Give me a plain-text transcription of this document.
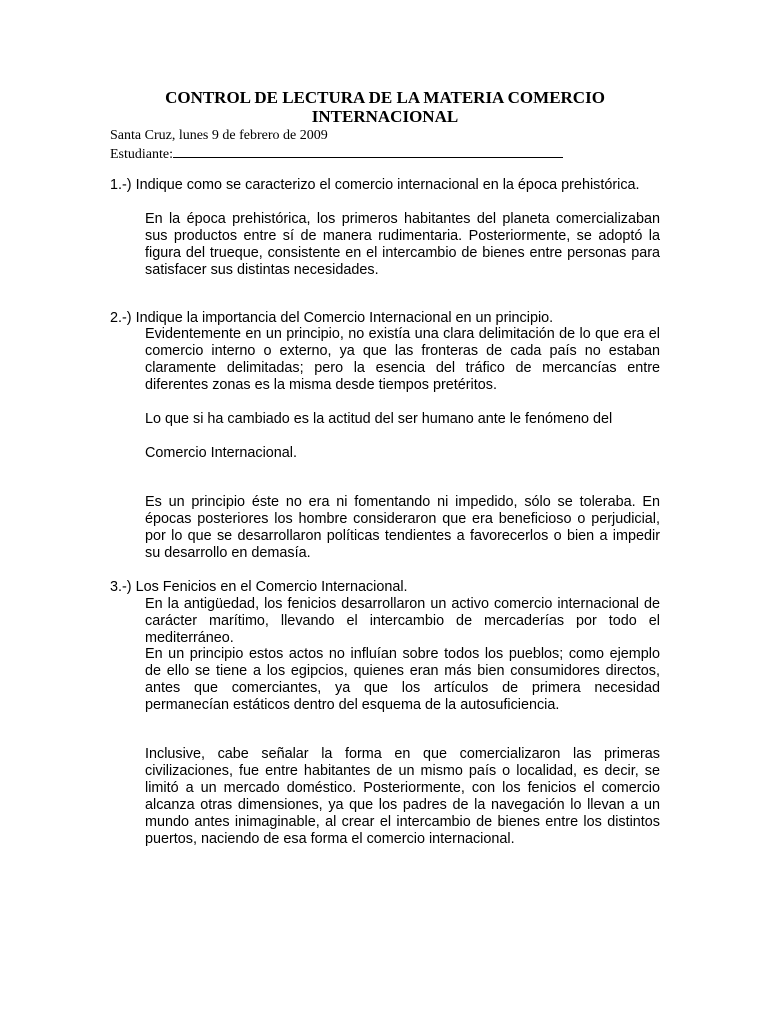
CONTROL DE LECTURA DE LA MATERIA COMERCIO
INTERNACIONAL
Santa Cruz, lunes 9 de febrero de 2009
Estudiante:
1.-) Indique como se caracterizo el comercio internacional en la época prehistórica.
En la época prehistórica, los primeros habitantes del planeta comercializaban sus productos entre sí de manera rudimentaria. Posteriormente, se adoptó la figura del trueque, consistente en el intercambio de bienes entre personas para satisfacer sus distintas necesidades.
2.-) Indique la importancia del Comercio Internacional en un principio.
Evidentemente en un principio, no existía una clara delimitación de lo que era el comercio interno o externo, ya que las fronteras de cada país no estaban claramente delimitadas; pero la esencia del tráfico de mercancías entre diferentes zonas es la misma desde tiempos pretéritos.
Lo que si ha cambiado es la actitud del ser humano ante le fenómeno del
Comercio Internacional.
Es un principio éste no era ni fomentando ni impedido, sólo se toleraba. En épocas posteriores los hombre consideraron que era beneficioso o perjudicial, por lo que se desarrollaron políticas tendientes a favorecerlos o bien a impedir su desarrollo en demasía.
3.-) Los Fenicios en el Comercio Internacional.
En la antigüedad, los fenicios desarrollaron un activo comercio internacional de carácter marítimo, llevando el intercambio de mercaderías por todo el mediterráneo.
En un principio estos actos no influían sobre todos los pueblos; como ejemplo de ello se tiene a los egipcios, quienes eran más bien consumidores directos, antes que comerciantes, ya que los artículos de primera necesidad permanecían estáticos dentro del esquema de la autosuficiencia.
Inclusive, cabe señalar la forma en que comercializaron las primeras civilizaciones, fue entre habitantes de un mismo país o localidad, es decir, se limitó a un mercado doméstico. Posteriormente, con los fenicios el comercio alcanza otras dimensiones, ya que los padres de la navegación lo llevan a un mundo antes inimaginable, al crear el intercambio de bienes entre los distintos puertos, naciendo de esa forma el comercio internacional.
